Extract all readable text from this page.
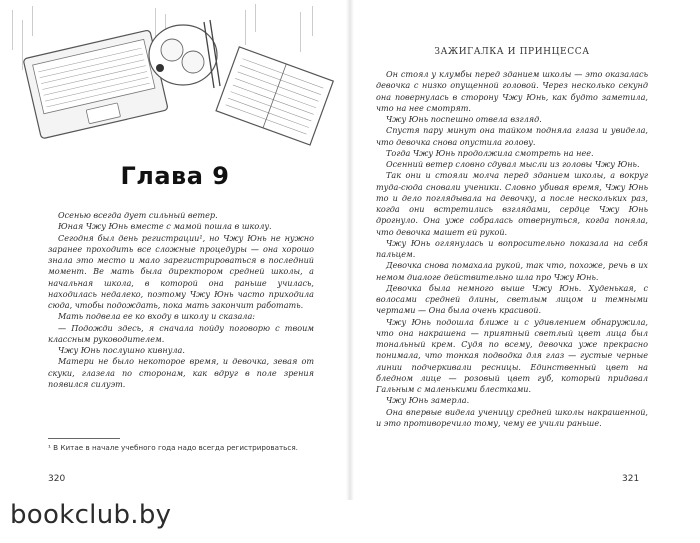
Глава 9

Осенью всегда дует сильный ветер.

Юная Чжу Юнь вместе с мамой пошла в школу.

Сегодня был день регистрации¹, но Чжу Юнь не нужно заранее проходить все сложные процедуры — она хорошо знала это место и мало зарегистрироваться в последний момент. Ве мать была директором средней школы, а начальная школа, в которой она раньше училась, находилась недалеко, поэтому Чжу Юнь часто приходила сюда, чтобы подождать, пока мать закончит работать.

Мать подвела ее ко входу в школу и сказала:

— Подожди здесь, я сначала пойду поговорю с твоим классным руководителем.

Чжу Юнь послушно кивнула.

Матери не было некоторое время, и девочка, зевая от скуки, глазела по сторонам, как вдруг в поле зрения появился силуэт.

¹ В Китае в начале учебного года надо всегда регистрироваться.
320
ЗАЖИГАЛКА И ПРИНЦЕССА

Он стоял у клумбы перед зданием школы — это оказалась девочка с низко опущенной головой. Через несколько секунд она повернулась в сторону Чжу Юнь, как будто заметила, что на нее смотрят.

Чжу Юнь поспешно отвела взгляд.

Спустя пару минут она тайком подняла глаза и увидела, что девочка снова опустила голову.

Тогда Чжу Юнь продолжила смотреть на нее.

Осенний ветер словно сдувал мысли из головы Чжу Юнь.

Так они и стояли молча перед зданием школы, а вокруг туда-сюда сновали ученики. Словно убивая время, Чжу Юнь то и дело поглядывала на девочку, а после нескольких раз, когда они встретились взглядами, сердце Чжу Юнь дрогнуло. Она уже собралась отвернуться, когда поняла, что девочка машет ей рукой.

Чжу Юнь оглянулась и вопросительно показала на себя пальцем.

Девочка снова помахала рукой, так что, похоже, речь в их немом диалоге действительно шла про Чжу Юнь.

Девочка была немного выше Чжу Юнь. Худенькая, с волосами средней длины, светлым лицом и темными чертами — Она была очень красивой.

Чжу Юнь подошла ближе и с удивлением обнаружила, что она накрашена — приятный светлый цвет лица был тональный крем. Судя по всему, девочка уже прекрасно понимала, что тонкая подводка для глаз — густые черные линии подчеркивали ресницы. Единственный цвет на бледном лице — розовый цвет губ, который придавал Гальным с маленькими блестками.

Чжу Юнь замерла.

Она впервые видела ученицу средней школы накрашенной, и это противоречило тому, чему ее учили раньше.

321
bookclub.by
